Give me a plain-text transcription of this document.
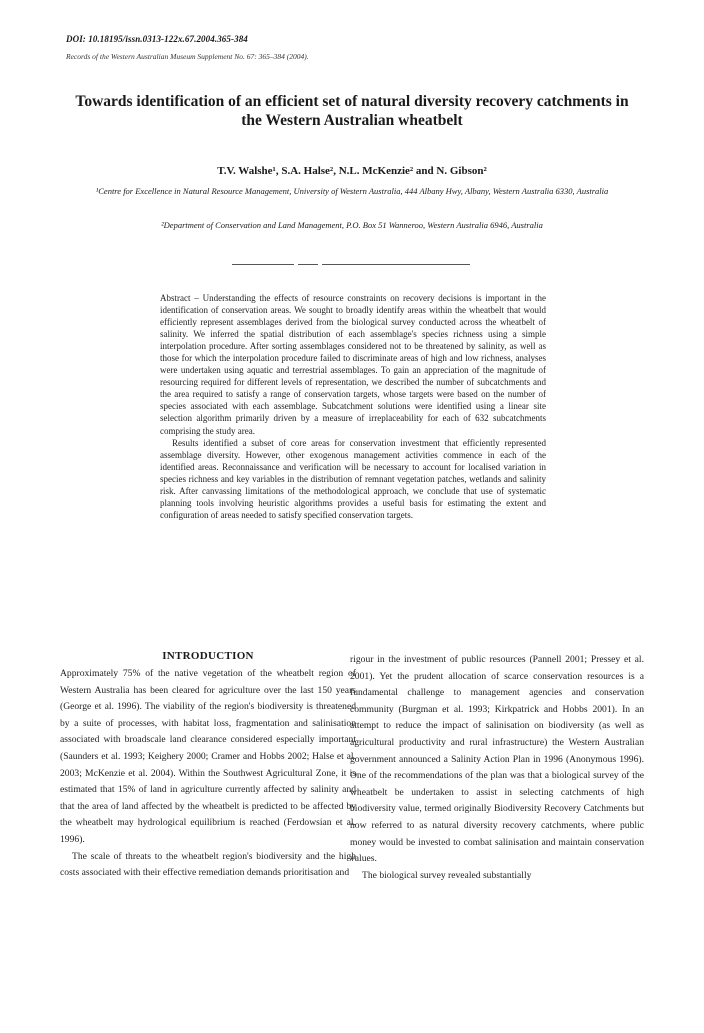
DOI: 10.18195/issn.0313-122x.67.2004.365-384
Records of the Western Australian Museum Supplement No. 67: 365–384 (2004).
Towards identification of an efficient set of natural diversity recovery catchments in the Western Australian wheatbelt
T.V. Walshe¹, S.A. Halse², N.L. McKenzie² and N. Gibson²
¹Centre for Excellence in Natural Resource Management, University of Western Australia, 444 Albany Hwy, Albany, Western Australia 6330, Australia
²Department of Conservation and Land Management, P.O. Box 51 Wanneroo, Western Australia 6946, Australia

Abstract – Understanding the effects of resource constraints on recovery decisions is important in the identification of conservation areas. We sought to broadly identify areas within the wheatbelt that would efficiently represent assemblages derived from the biological survey conducted across the wheatbelt of salinity. We inferred the spatial distribution of each assemblage's species richness using a simple interpolation procedure. After sorting assemblages considered not to be threatened by salinity, as well as those for which the interpolation procedure failed to discriminate areas of high and low richness, analyses were undertaken using aquatic and terrestrial assemblages. To gain an appreciation of the magnitude of resourcing required for different levels of representation, we described the number of subcatchments and the area required to satisfy a range of conservation targets, whose targets were based on the number of species associated with each assemblage. Subcatchment solutions were identified using a linear site selection algorithm primarily driven by a measure of irreplaceability for each of 632 subcatchments comprising the study area.

Results identified a subset of core areas for conservation investment that efficiently represented assemblage diversity. However, other exogenous management activities commence in each of the identified areas. Reconnaissance and verification will be necessary to account for localised variation in species richness and key variables in the distribution of remnant vegetation patches, wetlands and salinity risk. After canvassing limitations of the methodological approach, we conclude that use of systematic planning tools involving heuristic algorithms provides a useful basis for estimating the extent and configuration of areas needed to satisfy specified conservation targets.

INTRODUCTION

Approximately 75% of the native vegetation of the wheatbelt region of Western Australia has been cleared for agriculture over the last 150 years (George et al. 1996). The viability of the region's biodiversity is threatened by a suite of processes, with habitat loss, fragmentation and salinisation associated with broadscale land clearance considered especially important (Saunders et al. 1993; Keighery 2000; Cramer and Hobbs 2002; Halse et al. 2003; McKenzie et al. 2004). Within the Southwest Agricultural Zone, it is estimated that 15% of land in agriculture currently affected by salinity and that the area of land affected by the wheatbelt is predicted to be affected by the wheatbelt may hydrological equilibrium is reached (Ferdowsian et al. 1996).

The scale of threats to the wheatbelt region's biodiversity and the high costs associated with their effective remediation demands prioritisation and

rigour in the investment of public resources (Pannell 2001; Pressey et al. 2001). Yet the prudent allocation of scarce conservation resources is a fundamental challenge to management agencies and conservation community (Burgman et al. 1993; Kirkpatrick and Hobbs 2001). In an attempt to reduce the impact of salinisation on biodiversity (as well as agricultural productivity and rural infrastructure) the Western Australian government announced a Salinity Action Plan in 1996 (Anonymous 1996). One of the recommendations of the plan was that a biological survey of the wheatbelt be undertaken to assist in selecting catchments of high biodiversity value, termed originally Biodiversity Recovery Catchments but now referred to as natural diversity recovery catchments, where public money would be invested to combat salinisation and maintain conservation values.

The biological survey revealed substantially
